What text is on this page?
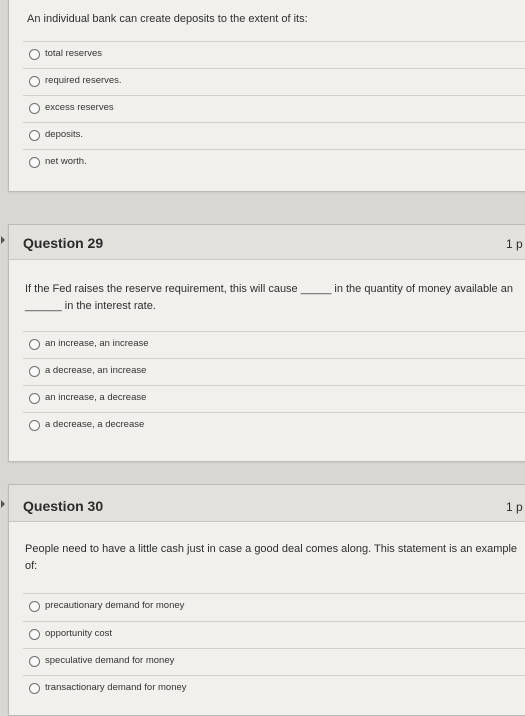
An individual bank can create deposits to the extent of its:
total reserves
required reserves.
excess reserves
deposits.
net worth.
Question 29	1 p
If the Fed raises the reserve requirement, this will cause _____ in the quantity of money available an
______ in the interest rate.
an increase, an increase
a decrease, an increase
an increase, a decrease
a decrease, a decrease
Question 30	1 p
People need to have a little cash just in case a good deal comes along. This statement is an example
of:
precautionary demand for money
opportunity cost
speculative demand for money
transactionary demand for money
